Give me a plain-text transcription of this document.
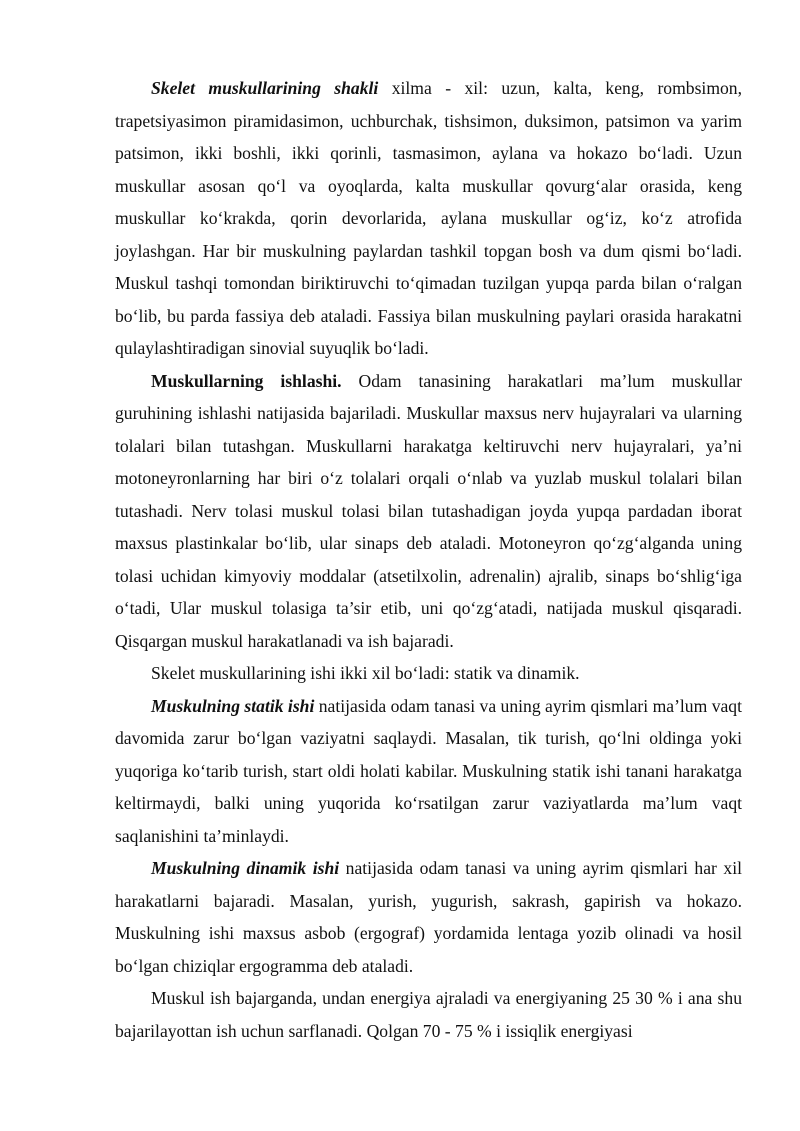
Skelet muskullarining shakli xilma - xil: uzun, kalta, keng, rombsimon, trapetsiyasimon piramidasimon, uchburchak, tishsimon, duksimon, patsimon va yarim patsimon, ikki boshli, ikki qorinli, tasmasimon, aylana va hokazo bo‘ladi. Uzun muskullar asosan qo‘l va oyoqlarda, kalta muskullar qovurg‘alar orasida, keng muskullar ko‘krakda, qorin devorlarida, aylana muskullar og‘iz, ko‘z atrofida joylashgan. Har bir muskulning paylardan tashkil topgan bosh va dum qismi bo‘ladi. Muskul tashqi tomondan biriktiruvchi to‘qimadan tuzilgan yupqa parda bilan o‘ralgan bo‘lib, bu parda fassiya deb ataladi. Fassiya bilan muskulning paylari orasida harakatni qulaylashtiradigan sinovial suyuqlik bo‘ladi.

Muskullarning ishlashi. Odam tanasining harakatlari ma’lum muskullar guruhining ishlashi natijasida bajariladi. Muskullar maxsus nerv hujayralari va ularning tolalari bilan tutashgan. Muskullarni harakatga keltiruvchi nerv hujayralari, ya’ni motoneyronlarning har biri o‘z tolalari orqali o‘nlab va yuzlab muskul tolalari bilan tutashadi. Nerv tolasi muskul tolasi bilan tutashadigan joyda yupqa pardadan iborat maxsus plastinkalar bo‘lib, ular sinaps deb ataladi. Motoneyron qo‘zg‘alganda uning tolasi uchidan kimyoviy moddalar (atsetilxolin, adrenalin) ajralib, sinaps bo‘shlig‘iga o‘tadi, Ular muskul tolasiga ta’sir etib, uni qo‘zg‘atadi, natijada muskul qisqaradi. Qisqargan muskul harakatlanadi va ish bajaradi.

Skelet muskullarining ishi ikki xil bo‘ladi: statik va dinamik.

Muskulning statik ishi natijasida odam tanasi va uning ayrim qismlari ma’lum vaqt davomida zarur bo‘lgan vaziyatni saqlaydi. Masalan, tik turish, qo‘lni oldinga yoki yuqoriga ko‘tarib turish, start oldi holati kabilar. Muskulning statik ishi tanani harakatga keltirmaydi, balki uning yuqorida ko‘rsatilgan zarur vaziyatlarda ma’lum vaqt saqlanishini ta’minlaydi.

Muskulning dinamik ishi natijasida odam tanasi va uning ayrim qismlari har xil harakatlarni bajaradi. Masalan, yurish, yugurish, sakrash, gapirish va hokazo. Muskulning ishi maxsus asbob (ergograf) yordamida lentaga yozib olinadi va hosil bo‘lgan chiziqlar ergogramma deb ataladi.

Muskul ish bajarganda, undan energiya ajraladi va energiyaning 25 30 % i ana shu bajarilayottan ish uchun sarflanadi. Qolgan 70 - 75 % i issiqlik energiyasi
